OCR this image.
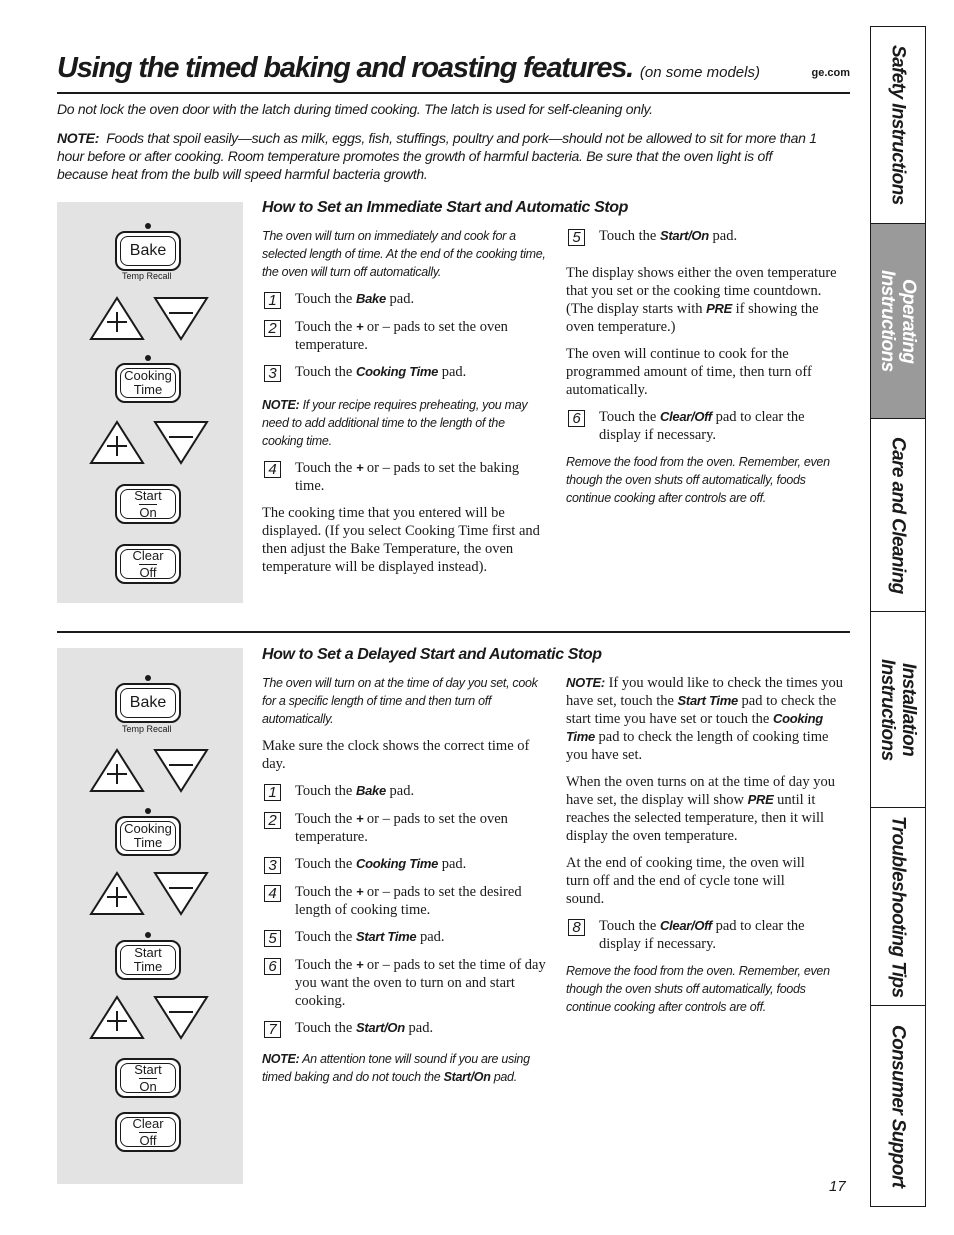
Using the timed baking and roasting features. (on some models)	ge.com
Do not lock the oven door with the latch during timed cooking. The latch is used for self-cleaning only.
NOTE: Foods that spoil easily—such as milk, eggs, fish, stuffings, poultry and pork—should not be allowed to sit for more than 1 hour before or after cooking. Room temperature promotes the growth of harmful bacteria. Be sure that the oven light is off because heat from the bulb will speed harmful bacteria growth.
Bake
Temp Recall
Cooking
Time
Start
On
Clear
Off
How to Set an Immediate Start and Automatic Stop

The oven will turn on immediately and cook for a selected length of time. At the end of the cooking time, the oven will turn off automatically.

1 Touch the Bake pad.
2 Touch the + or – pads to set the oven temperature.
3 Touch the Cooking Time pad.

NOTE: If your recipe requires preheating, you may need to add additional time to the length of the cooking time.

4 Touch the + or – pads to set the baking time.

The cooking time that you entered will be displayed. (If you select Cooking Time first and then adjust the Bake Temperature, the oven temperature will be displayed instead).

5 Touch the Start/On pad.

The display shows either the oven temperature that you set or the cooking time countdown. (The display starts with PRE if showing the oven temperature.)

The oven will continue to cook for the programmed amount of time, then turn off automatically.

6 Touch the Clear/Off pad to clear the display if necessary.

Remove the food from the oven. Remember, even though the oven shuts off automatically, foods continue cooking after controls are off.

Bake
Temp Recall
Cooking
Time
Start
Time
Start
On
Clear
Off
How to Set a Delayed Start and Automatic Stop

The oven will turn on at the time of day you set, cook for a specific length of time and then turn off automatically.

Make sure the clock shows the correct time of day.

1 Touch the Bake pad.
2 Touch the + or – pads to set the oven temperature.
3 Touch the Cooking Time pad.
4 Touch the + or – pads to set the desired length of cooking time.
5 Touch the Start Time pad.
6 Touch the + or – pads to set the time of day you want the oven to turn on and start cooking.
7 Touch the Start/On pad.

NOTE: An attention tone will sound if you are using timed baking and do not touch the Start/On pad.

NOTE: If you would like to check the times you have set, touch the Start Time pad to check the start time you have set or touch the Cooking Time pad to check the length of cooking time you have set.

When the oven turns on at the time of day you have set, the display will show PRE until it reaches the selected temperature, then it will display the oven temperature.

At the end of cooking time, the oven will turn off and the end of cycle tone will sound.

8 Touch the Clear/Off pad to clear the display if necessary.

Remove the food from the oven. Remember, even though the oven shuts off automatically, foods continue cooking after controls are off.

Safety Instructions
Operating
Instructions
Care and Cleaning
Installation
Instructions
Troubleshooting Tips
Consumer Support
17
